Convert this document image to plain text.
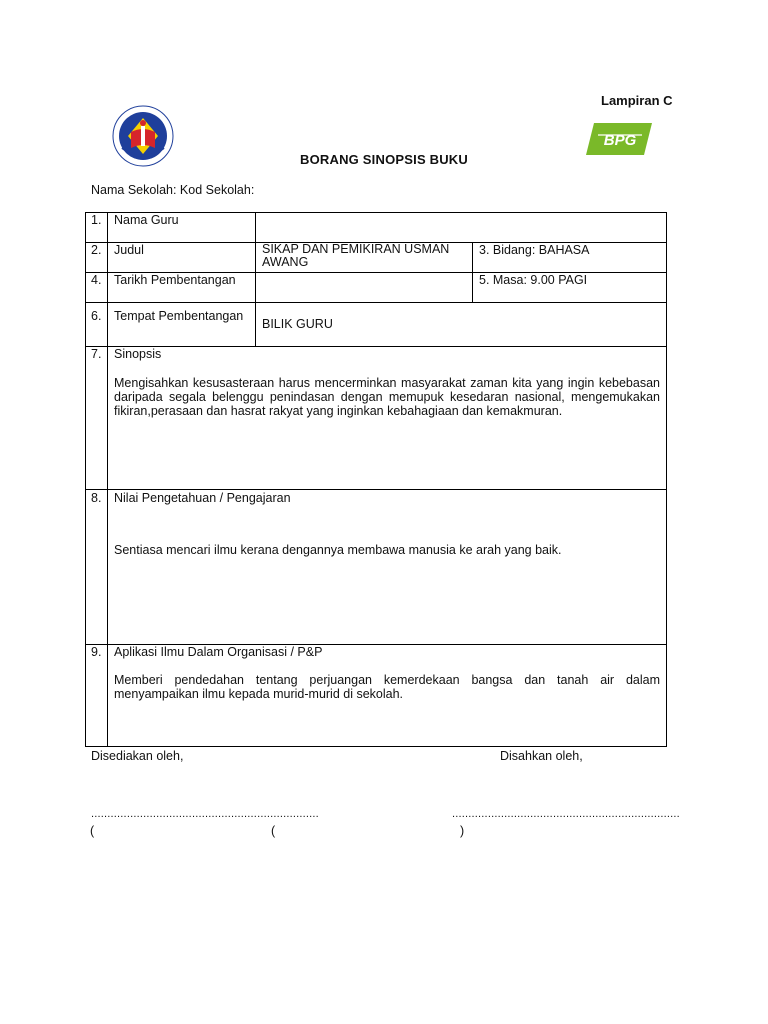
Lampiran C
BPG
BORANG SINOPSIS BUKU
Nama Sekolah: Kod Sekolah:
1.	Nama Guru		
2.	Judul	SIKAP DAN PEMIKIRAN USMAN AWANG	3. Bidang: BAHASA
4.	Tarikh Pembentangan		5. Masa: 9.00 PAGI
6.	Tempat Pembentangan	BILIK GURU	
7.	Sinopsis
Mengisahkan kesusasteraan harus mencerminkan masyarakat zaman kita yang ingin kebebasan daripada segala belenggu penindasan dengan memupuk kesedaran nasional, mengemukakan fikiran,perasaan dan hasrat rakyat yang inginkan kebahagiaan dan kemakmuran.		

8.	Nilai Pengetahuan / Pengajaran
Sentiasa mencari ilmu kerana dengannya membawa manusia ke arah yang baik.		

9.	Aplikasi Ilmu Dalam Organisasi / P&P
Memberi pendedahan tentang perjuangan kemerdekaan bangsa dan tanah air dalam menyampaikan ilmu kepada murid-murid di sekolah.		
Disediakan oleh,	Disahkan oleh,
......................................................................	......................................................................
(	(	)
